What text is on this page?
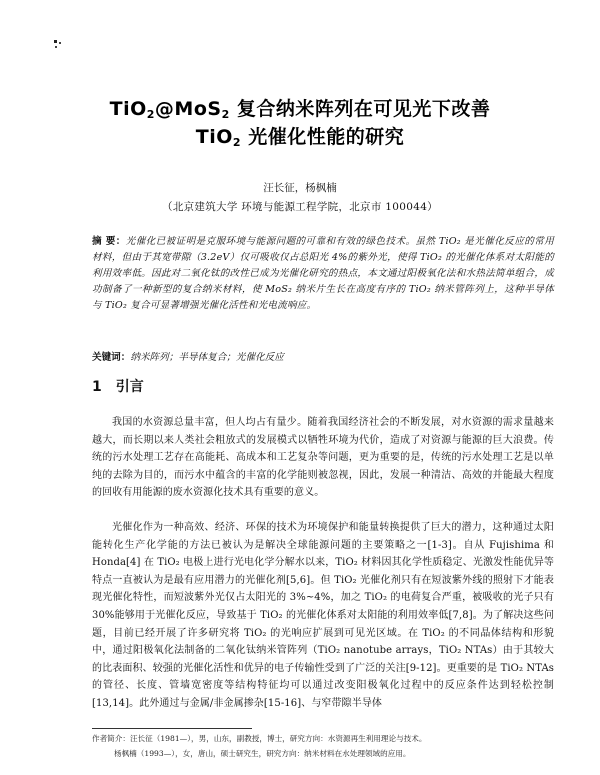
TiO$_2$@MoS$_2$ 复合纳米阵列在可见光下改善
TiO$_2$ 光催化性能的研究
汪长征，杨枫楠
（北京建筑大学 环境与能源工程学院，北京市 100044）
摘 要：光催化已被证明是克服环境与能源问题的可靠和有效的绿色技术。虽然 TiO₂ 是光催化反应的常用材料，但由于其宽带隙（3.2eV）仅可吸收仅占总阳光 4%的紫外光，使得 TiO₂ 的光催化体系对太阳能的利用效率低。因此对二氧化钛的改性已成为光催化研究的热点，本文通过阳极氧化法和水热法简单组合，成功制备了一种新型的复合纳米材料，使 MoS₂ 纳米片生长在高度有序的 TiO₂ 纳米管阵列上，这种半导体与 TiO₂ 复合可显著增强光催化活性和光电流响应。
关键词：纳米阵列；半导体复合；光催化反应
1 引言

我国的水资源总量丰富，但人均占有量少。随着我国经济社会的不断发展，对水资源的需求量越来越大，而长期以来人类社会粗放式的发展模式以牺牲环境为代价，造成了对资源与能源的巨大浪费。传统的污水处理工艺存在高能耗、高成本和工艺复杂等问题，更为重要的是，传统的污水处理工艺是以单纯的去除为目的，而污水中蕴含的丰富的化学能则被忽视，因此，发展一种清洁、高效的并能最大程度的回收有用能源的废水资源化技术具有重要的意义。

光催化作为一种高效、经济、环保的技术为环境保护和能量转换提供了巨大的潜力，这种通过太阳能转化生产化学能的方法已被认为是解决全球能源问题的主要策略之一[1-3]。自从 Fujishima 和 Honda[4] 在 TiO₂ 电极上进行光电化学分解水以来，TiO₂ 材料因其化学性质稳定、光激发性能优异等特点一直被认为是最有应用潜力的光催化剂[5,6]。但 TiO₂ 光催化剂只有在短波紫外线的照射下才能表现光催化特性，而短波紫外光仅占太阳光的 3%~4%，加之 TiO₂ 的电荷复合严重，被吸收的光子只有 30%能够用于光催化反应，导致基于 TiO₂ 的光催化体系对太阳能的利用效率低[7,8]。为了解决这些问题，目前已经开展了许多研究将 TiO₂ 的光响应扩展到可见光区域。在 TiO₂ 的不同晶体结构和形貌中，通过阳极氧化法制备的二氧化钛纳米管阵列（TiO₂ nanotube arrays，TiO₂ NTAs）由于其较大的比表面积、较强的光催化活性和优异的电子传输性受到了广泛的关注[9-12]。更重要的是 TiO₂ NTAs 的管径、长度、管墙宽密度等结构特征均可以通过改变阳极氧化过程中的反应条件达到轻松控制[13,14]。此外通过与金属/非金属掺杂[15-16]、与窄带隙半导体

作者简介：汪长征（1981—），男，山东，副教授，博士，研究方向：水资源再生利用理论与技术。
杨枫楠（1993—），女，唐山，硕士研究生，研究方向：纳米材料在水处理领域的应用。
